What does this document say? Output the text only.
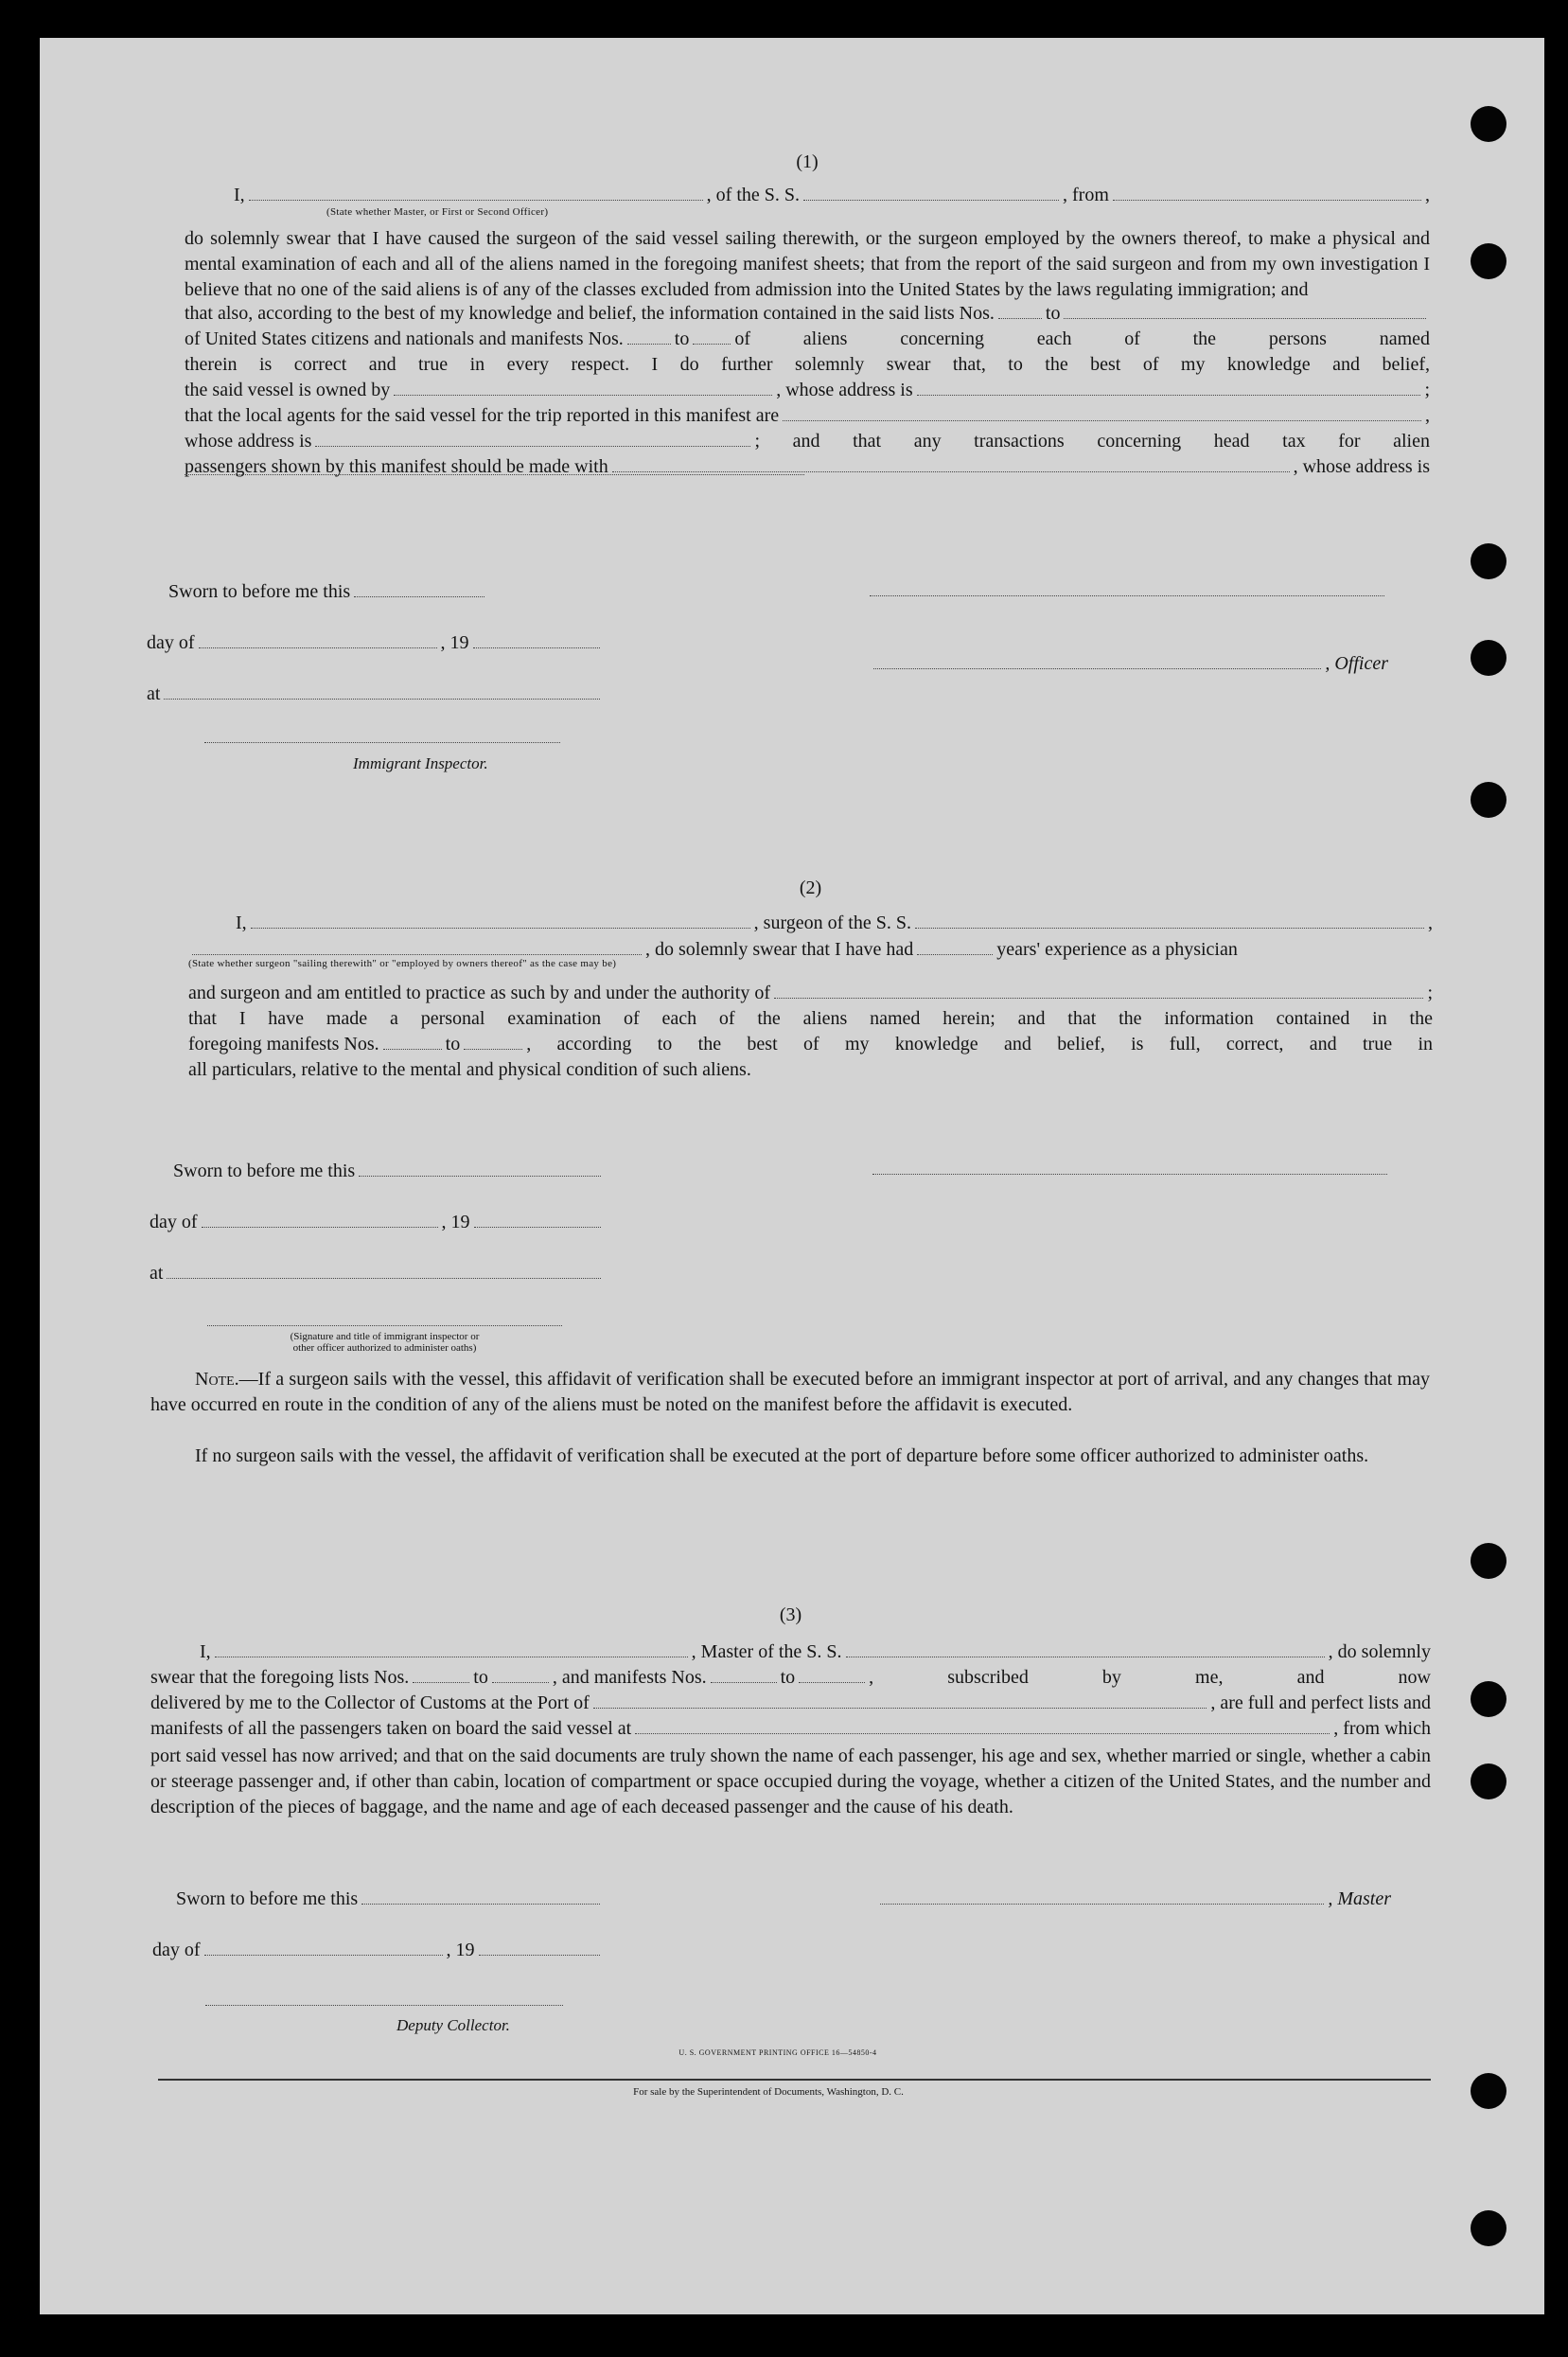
(1)
I,	, of the S. S.	, from	,
(State whether Master, or First or Second Officer)
do solemnly swear that I have caused the surgeon of the said vessel sailing therewith, or the surgeon employed by the owners thereof, to make a physical and mental examination of each and all of the aliens named in the foregoing manifest sheets; that from the report of the said surgeon and from my own investigation I believe that no one of the said aliens is of any of the classes excluded from admission into the United States by the laws regulating immigration; and
that also, according to the best of my knowledge and belief, the information contained in the said lists Nos.	to
of United States citizens and nationals and manifests Nos.	to of aliens concerning each of the persons named
therein is correct and true in every respect. I do further solemnly swear that, to the best of my knowledge and belief,
the said vessel is owned by	, whose address is	;
that the local agents for the said vessel for the trip reported in this manifest are	,
whose address is	; and that any transactions concerning head tax for alien
passengers shown by this manifest should be made with	, whose address is
Sworn to before me this
day of	, 19
at
Immigrant Inspector.
, Officer
(2)
I,	, surgeon of the S. S.	,
, do solemnly swear that I have had	years' experience as a physician
(State whether surgeon "sailing therewith" or "employed by owners thereof" as the case may be)
and surgeon and am entitled to practice as such by and under the authority of	;
that I have made a personal examination of each of the aliens named herein; and that the information contained in the
foregoing manifests Nos.	to	, according to the best of my knowledge and belief, is full, correct, and true in
all particulars, relative to the mental and physical condition of such aliens.
Sworn to before me this
day of	, 19
at
(Signature and title of immigrant inspector or
other officer authorized to administer oaths)
Note.—If a surgeon sails with the vessel, this affidavit of verification shall be executed before an immigrant inspector at port of arrival, and any changes that may have occurred en route in the condition of any of the aliens must be noted on the manifest before the affidavit is executed.
If no surgeon sails with the vessel, the affidavit of verification shall be executed at the port of departure before some officer authorized to administer oaths.
(3)
I,	, Master of the S. S.	, do solemnly
swear that the foregoing lists Nos.	to	, and manifests Nos.	to	, subscribed by me, and now
delivered by me to the Collector of Customs at the Port of	, are full and perfect lists and
manifests of all the passengers taken on board the said vessel at	, from which
port said vessel has now arrived; and that on the said documents are truly shown the name of each passenger, his age and sex, whether married or single, whether a cabin or steerage passenger and, if other than cabin, location of compartment or space occupied during the voyage, whether a citizen of the United States, and the number and description of the pieces of baggage, and the name and age of each deceased passenger and the cause of his death.
Sworn to before me this	, Master
day of	, 19
Deputy Collector.
U. S. GOVERNMENT PRINTING OFFICE 16—54850-4
For sale by the Superintendent of Documents, Washington, D. C.
